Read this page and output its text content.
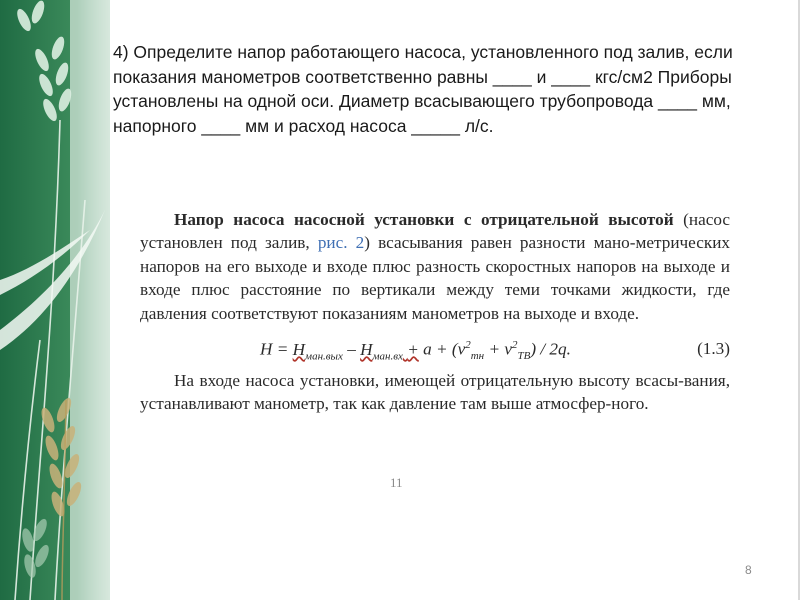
4) Определите напор работающего насоса, установленного под залив, если показания манометров соответственно равны ____ и ____ кгс/см2 Приборы установлены на одной оси. Диаметр всасывающего трубопровода ____ мм, напорного ____ мм и расход насоса _____ л/с.

Напор насоса насосной установки с отрицательной высотой (насос установлен под залив, рис. 2) всасывания равен разности мано-метрических напоров на его выходе и входе плюс разность скоростных напоров на выходе и входе плюс расстояние по вертикали между теми точками жидкости, где давления соответствуют показаниям манометров на выходе и входе.

$H = H_{ман.вых} - H_{ман.вх} + a + (v^2_{тн} + v^2_{ТВ}) / 2q$.	(1.3)

На входе насоса установки, имеющей отрицательную высоту всасы-вания, устанавливают манометр, так как давление там выше атмосфер-ного.

11
8
